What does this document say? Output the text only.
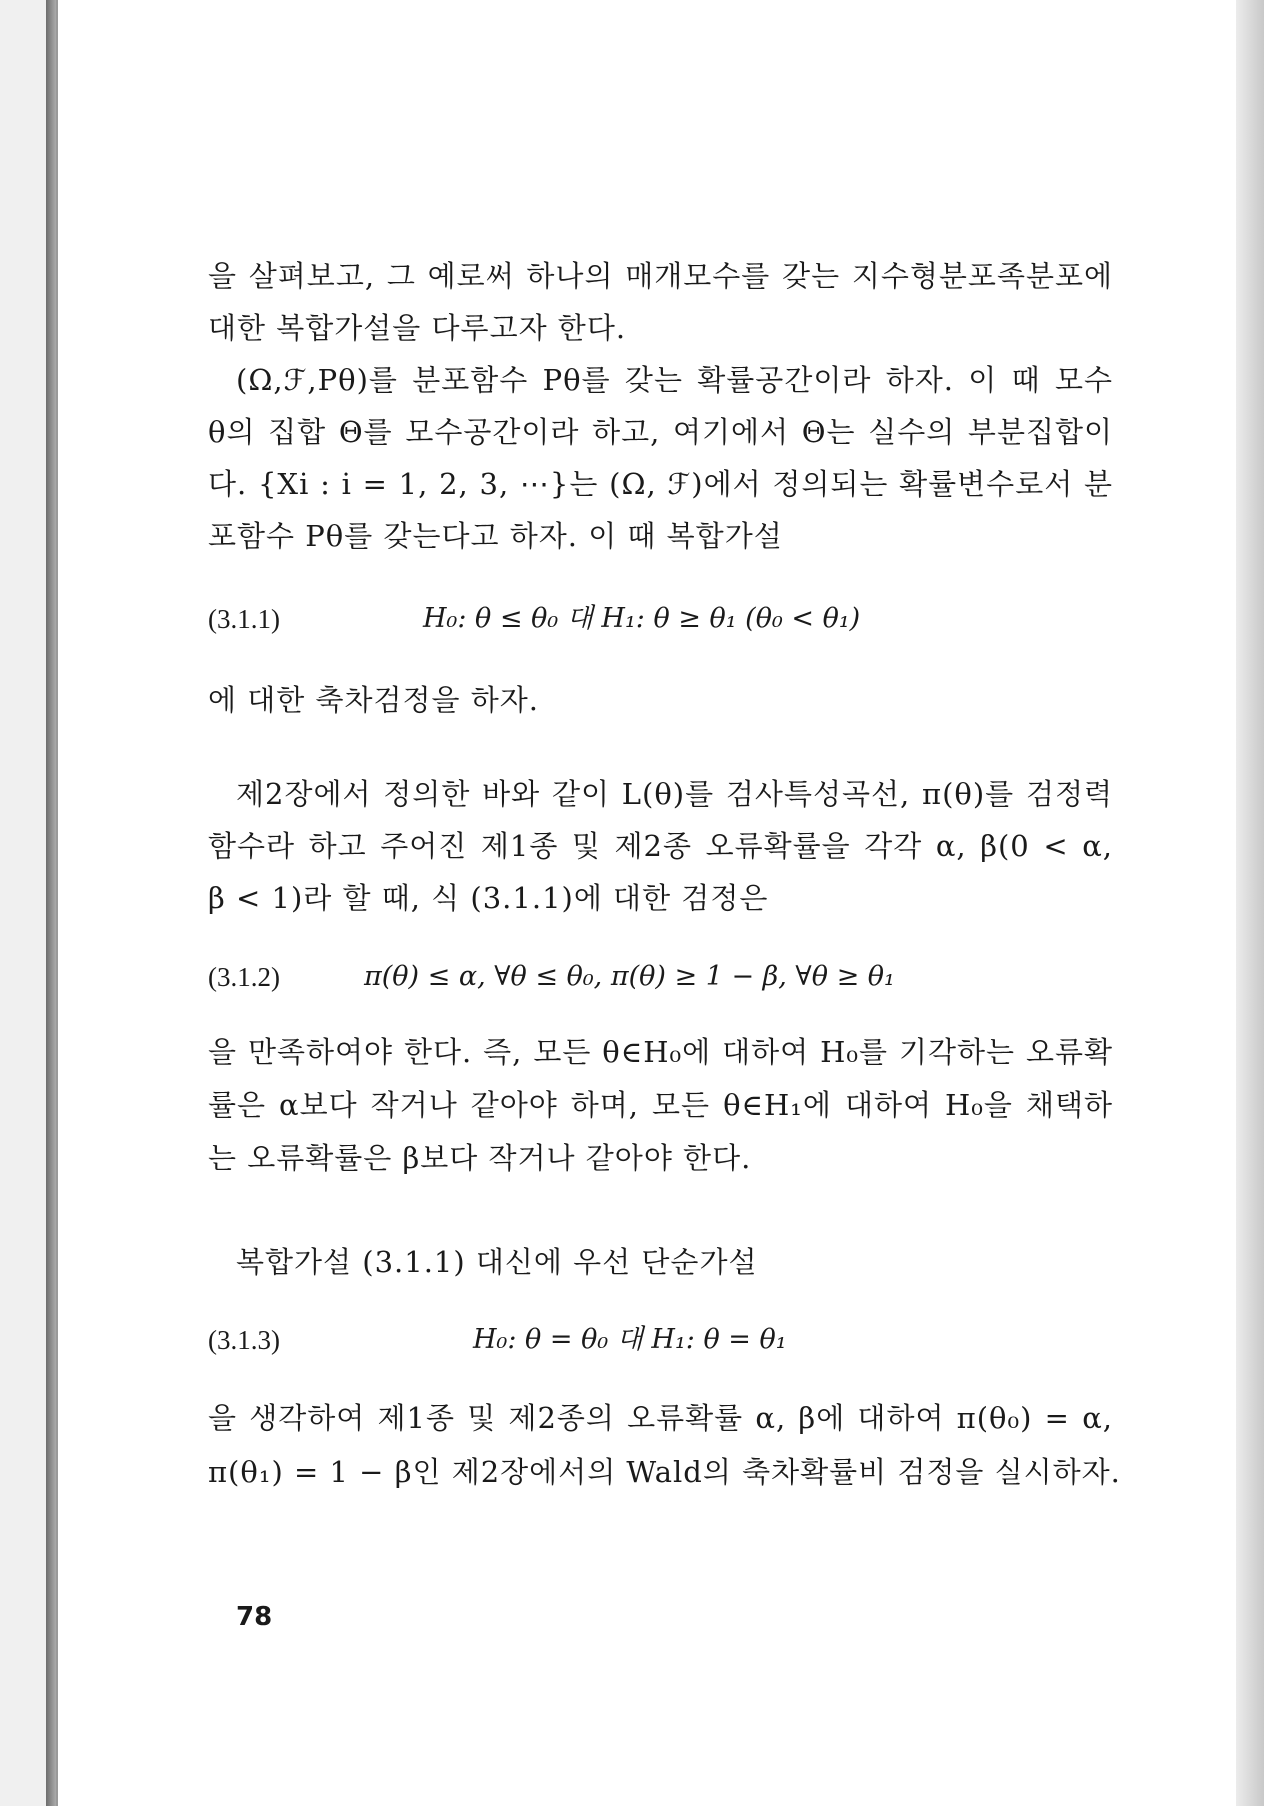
을 살펴보고, 그 예로써 하나의 매개모수를 갖는 지수형분포족분포에
대한 복합가설을 다루고자 한다.
(Ω,ℱ,Pθ)를 분포함수 Pθ를 갖는 확률공간이라 하자. 이 때 모수
θ의 집합 Θ를 모수공간이라 하고, 여기에서 Θ는 실수의 부분집합이
다. {Xi : i = 1, 2, 3, ⋯}는 (Ω, ℱ)에서 정의되는 확률변수로서 분
포함수 Pθ를 갖는다고 하자. 이 때 복합가설
(3.1.1)	H₀: θ ≤ θ₀ 대 H₁: θ ≥ θ₁ (θ₀ < θ₁)
에 대한 축차검정을 하자.
제2장에서 정의한 바와 같이 L(θ)를 검사특성곡선, π(θ)를 검정력
함수라 하고 주어진 제1종 및 제2종 오류확률을 각각 α, β(0 < α,
β < 1)라 할 때, 식 (3.1.1)에 대한 검정은
(3.1.2)	π(θ) ≤ α, ∀θ ≤ θ₀, π(θ) ≥ 1 − β, ∀θ ≥ θ₁
을 만족하여야 한다. 즉, 모든 θ∈H₀에 대하여 H₀를 기각하는 오류확
률은 α보다 작거나 같아야 하며, 모든 θ∈H₁에 대하여 H₀을 채택하
는 오류확률은 β보다 작거나 같아야 한다.
복합가설 (3.1.1) 대신에 우선 단순가설
(3.1.3)	H₀: θ = θ₀ 대 H₁: θ = θ₁
을 생각하여 제1종 및 제2종의 오류확률 α, β에 대하여 π(θ₀) = α,
π(θ₁) = 1 − β인 제2장에서의 Wald의 축차확률비 검정을 실시하자.
78
